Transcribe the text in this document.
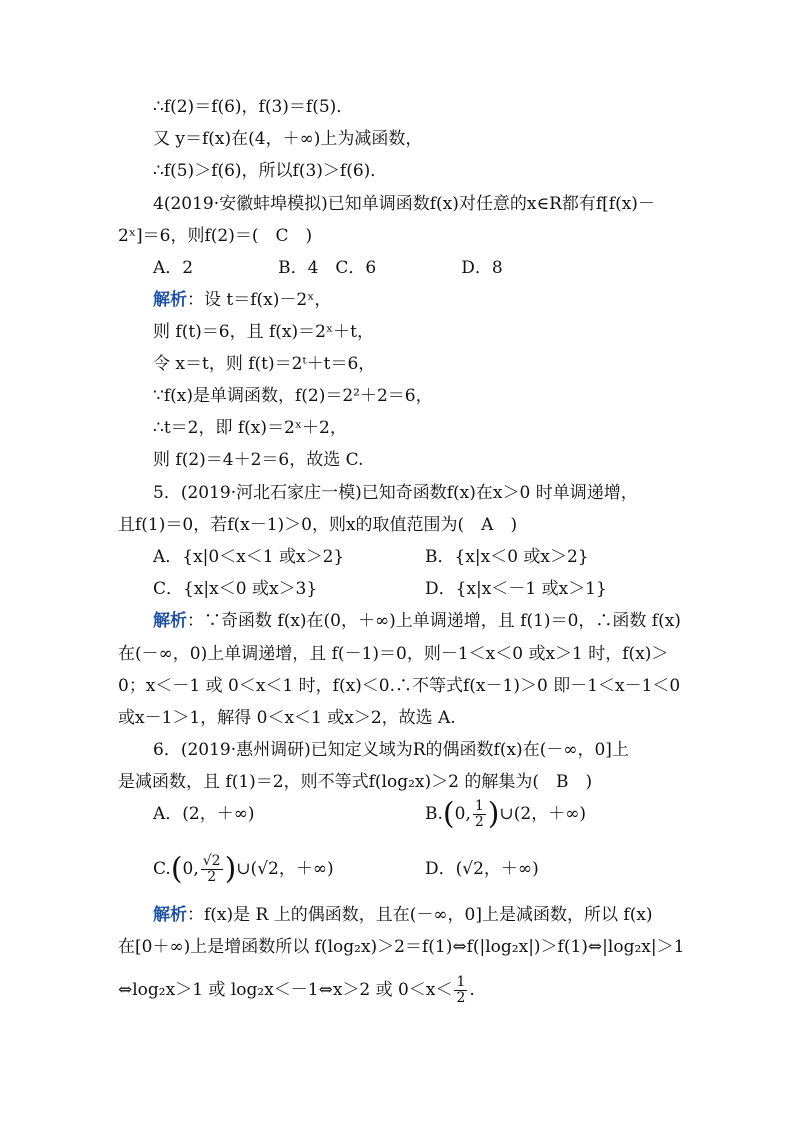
∴f(2)＝f(6)，f(3)＝f(5)．
又 y＝f(x)在(4，＋∞)上为减函数，
∴f(5)＞f(6)，所以f(3)＞f(6)．
4(2019·安徽蚌埠模拟)已知单调函数f(x)对任意的x∈R都有f[f(x)－
2ˣ]＝6，则f(2)＝(　C　)
A．2　　　　　B．4　C．6　　　　　D．8
解析：设 t＝f(x)－2ˣ，
则 f(t)＝6，且 f(x)＝2ˣ＋t，
令 x＝t，则 f(t)＝2ᵗ＋t＝6，
∵f(x)是单调函数，f(2)＝2²＋2＝6，
∴t＝2，即 f(x)＝2ˣ＋2，
则 f(2)＝4＋2＝6，故选 C.
5．(2019·河北石家庄一模)已知奇函数f(x)在x＞0 时单调递增，
且f(1)＝0，若f(x－1)＞0，则x的取值范围为(　A　)
A．{x|0＜x＜1 或x＞2}	B．{x|x＜0 或x＞2}
C．{x|x＜0 或x＞3}	D．{x|x＜－1 或x＞1}
解析：∵奇函数 f(x)在(0，＋∞)上单调递增，且 f(1)＝0，∴函数 f(x)
在(－∞，0)上单调递增，且 f(－1)＝0，则－1＜x＜0 或x＞1 时，f(x)＞
0；x＜－1 或 0＜x＜1 时，f(x)＜0.∴不等式f(x－1)＞0 即－1＜x－1＜0
或x－1＞1，解得 0＜x＜1 或x＞2，故选 A.
6．(2019·惠州调研)已知定义域为R的偶函数f(x)在(－∞，0]上
是减函数，且 f(1)＝2，则不等式f(log₂x)＞2 的解集为(　B　)
A．(2，＋∞)	B.(0, $\frac{1}{2}$ )∪(2，＋∞)
C.(0, $\frac{√2}{2}$ )∪(√2，＋∞)	D．(√2，＋∞)
解析：f(x)是 R 上的偶函数，且在(－∞，0]上是减函数，所以 f(x)
在[0＋∞)上是增函数所以 f(log₂x)＞2＝f(1)⇔f(|log₂x|)＞f(1)⇔|log₂x|＞1
⇔log₂x＞1 或 log₂x＜－1⇔x＞2 或 $0<x< \frac{1}{2}$ .
